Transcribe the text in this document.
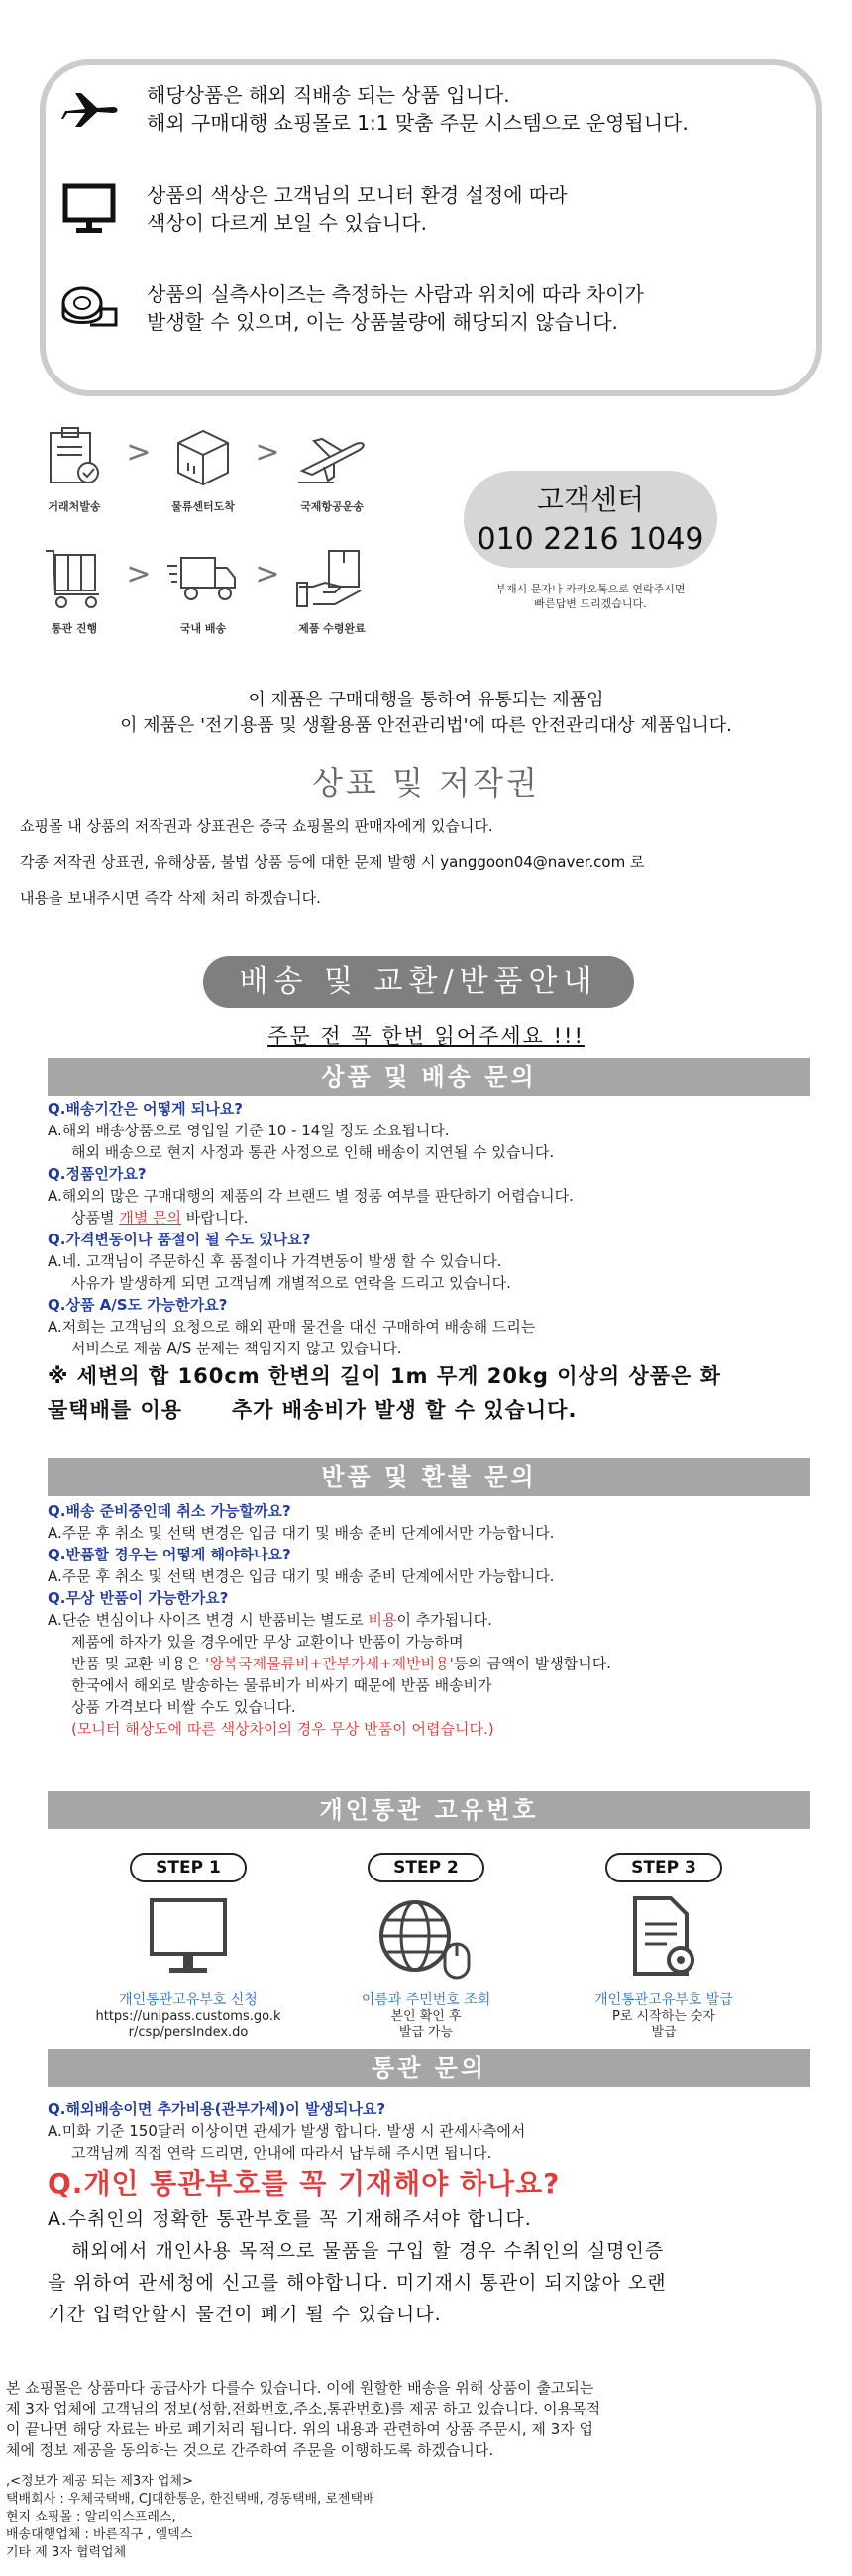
해당상품은 해외 직배송 되는 상품 입니다.
해외 구매대행 쇼핑몰로 1:1 맞춤 주문 시스템으로 운영됩니다.
상품의 색상은 고객님의 모니터 환경 설정에 따라
색상이 다르게 보일 수 있습니다.
상품의 실측사이즈는 측정하는 사람과 위치에 따라 차이가
발생할 수 있으며, 이는 상품불량에 해당되지 않습니다.
거래처발송
>
물류센터도착
>
국제항공운송
통관 진행
>
국내 배송
>
제품 수령완료
고객센터
010 2216 1049
부재시 문자나 카카오톡으로 연락주시면
빠른답변 드리겠습니다.
이 제품은 구매대행을 통하여 유통되는 제품임
이 제품은 '전기용품 및 생활용품 안전관리법'에 따른 안전관리대상 제품입니다.
상표 및 저작권
쇼핑몰 내 상품의 저작권과 상표권은 중국 쇼핑몰의 판매자에게 있습니다.
각종 저작권 상표권, 유해상품, 불법 상품 등에 대한 문제 발행 시 yanggoon04@naver.com 로
내용을 보내주시면 즉각 삭제 처리 하겠습니다.
배송 및 교환/반품안내
주문 전 꼭 한번 읽어주세요 !!!
상품 및 배송 문의
Q.배송기간은 어떻게 되나요?
A.해외 배송상품으로 영업일 기준 10 - 14일 정도 소요됩니다.
해외 배송으로 현지 사정과 통관 사정으로 인해 배송이 지연될 수 있습니다.
Q.정품인가요?
A.해외의 많은 구매대행의 제품의 각 브랜드 별 정품 여부를 판단하기 어렵습니다.
상품별 개별 문의 바랍니다.
Q.가격변동이나 품절이 될 수도 있나요?
A.네. 고객님이 주문하신 후 품절이나 가격변동이 발생 할 수 있습니다.
사유가 발생하게 되면 고객님께 개별적으로 연락을 드리고 있습니다.
Q.상품 A/S도 가능한가요?
A.저희는 고객님의 요청으로 해외 판매 물건을 대신 구매하여 배송해 드리는
서비스로 제품 A/S 문제는 책임지지 않고 있습니다.
※ 세변의 합 160cm 한변의 길이 1m 무게 20kg 이상의 상품은 화
물택배를 이용      추가 배송비가 발생 할 수 있습니다.
반품 및 환불 문의
Q.배송 준비중인데 취소 가능할까요?
A.주문 후 취소 및 선택 변경은 입금 대기 및 배송 준비 단계에서만 가능합니다.
Q.반품할 경우는 어떻게 해야하나요?
A.주문 후 취소 및 선택 변경은 입금 대기 및 배송 준비 단계에서만 가능합니다.
Q.무상 반품이 가능한가요?
A.단순 변심이나 사이즈 변경 시 반품비는 별도로 비용이 추가됩니다.
제품에 하자가 있을 경우에만 무상 교환이나 반품이 가능하며
반품 및 교환 비용은 '왕복국제물류비+관부가세+제반비용'등의 금액이 발생합니다.
한국에서 해외로 발송하는 물류비가 비싸기 때문에 반품 배송비가
상품 가격보다 비쌀 수도 있습니다.
(모니터 해상도에 따른 색상차이의 경우 무상 반품이 어렵습니다.)
개인통관 고유번호
STEP 1
개인통관고유부호 신청
https://unipass.customs.go.k
r/csp/persIndex.do
STEP 2
이름과 주민번호 조회
본인 확인 후
발급 가능
STEP 3
개인통관고유부호 발급
P로 시작하는 숫자
발급
통관 문의
Q.해외배송이면 추가비용(관부가세)이 발생되나요?
A.미화 기준 150달러 이상이면 관세가 발생 합니다. 발생 시 관세사측에서
고객님께 직접 연락 드리면, 안내에 따라서 납부해 주시면 됩니다.
Q.개인 통관부호를 꼭 기재해야 하나요?
A.수취인의 정확한 통관부호를 꼭 기재해주셔야 합니다.
해외에서 개인사용 목적으로 물품을 구입 할 경우 수취인의 실명인증
을 위하여 관세청에 신고를 해야합니다. 미기재시 통관이 되지않아 오랜
기간 입력안할시 물건이 폐기 될 수 있습니다.
본 쇼핑몰은 상품마다 공급사가 다를수 있습니다. 이에 원할한 배송을 위해 상품이 출고되는
제 3자 업체에 고객님의 정보(성함,전화번호,주소,통관번호)를 제공 하고 있습니다. 이용목적
이 끝나면 해당 자료는 바로 폐기처리 됩니다. 위의 내용과 관련하여 상품 주문시, 제 3자 업
체에 정보 제공을 동의하는 것으로 간주하여 주문을 이행하도록 하겠습니다.
,<정보가 제공 되는 제3자 업체>
택배회사 : 우체국택배, CJ대한통운, 한진택배, 경동택배, 로젠택배
현지 쇼핑몰 : 알리익스프레스,
배송대행업체 : 바른직구 , 엘덱스
기타 제 3자 협력업체
